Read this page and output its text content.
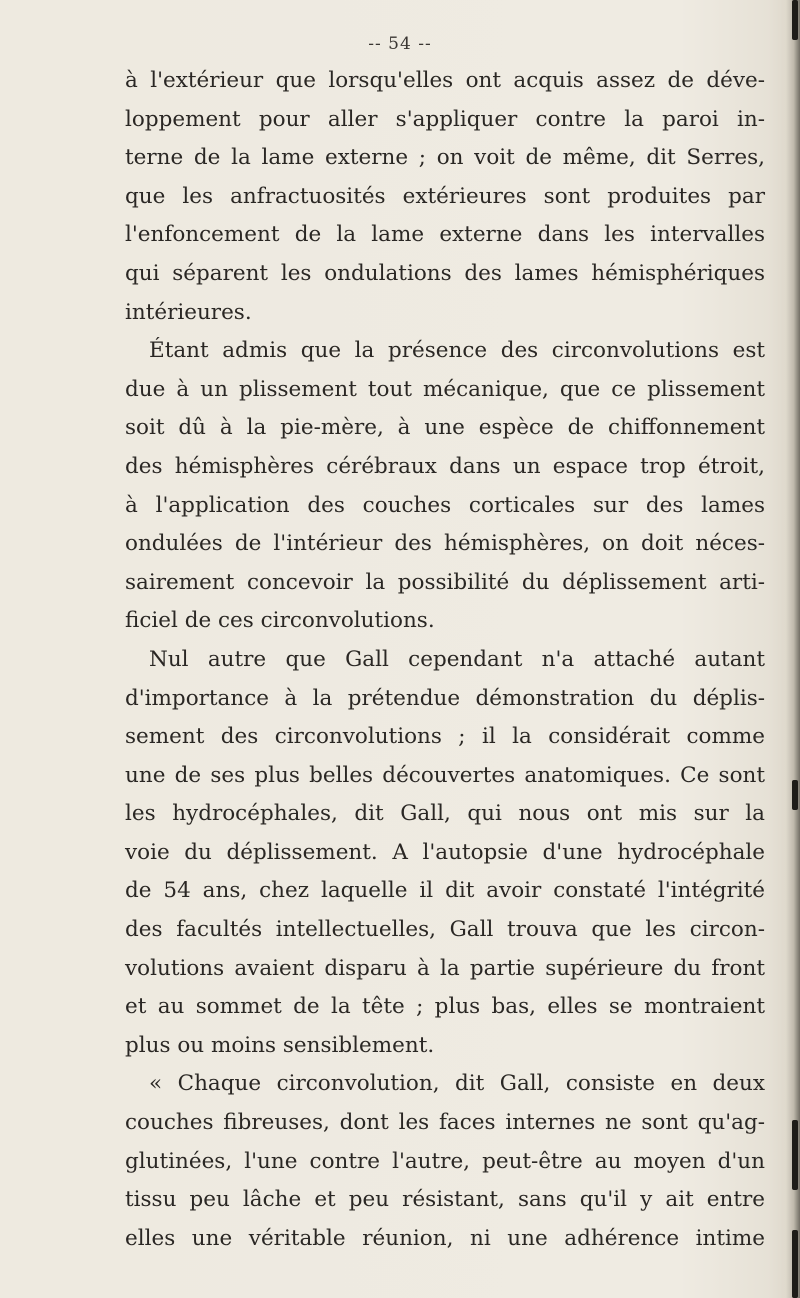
-- 54 --
à l'extérieur que lorsqu'elles ont acquis assez de déve-
loppement pour aller s'appliquer contre la paroi in-
terne de la lame externe ; on voit de même, dit Serres,
que les anfractuosités extérieures sont produites par
l'enfoncement de la lame externe dans les intervalles
qui séparent les ondulations des lames hémisphériques
intérieures.
Étant admis que la présence des circonvolutions est
due à un plissement tout mécanique, que ce plissement
soit dû à la pie-mère, à une espèce de chiffonnement
des hémisphères cérébraux dans un espace trop étroit,
à l'application des couches corticales sur des lames
ondulées de l'intérieur des hémisphères, on doit néces-
sairement concevoir la possibilité du déplissement arti-
ficiel de ces circonvolutions.
Nul autre que Gall cependant n'a attaché autant
d'importance à la prétendue démonstration du déplis-
sement des circonvolutions ; il la considérait comme
une de ses plus belles découvertes anatomiques. Ce sont
les hydrocéphales, dit Gall, qui nous ont mis sur la
voie du déplissement. A l'autopsie d'une hydrocéphale
de 54 ans, chez laquelle il dit avoir constaté l'intégrité
des facultés intellectuelles, Gall trouva que les circon-
volutions avaient disparu à la partie supérieure du front
et au sommet de la tête ; plus bas, elles se montraient
plus ou moins sensiblement.
« Chaque circonvolution, dit Gall, consiste en deux
couches fibreuses, dont les faces internes ne sont qu'ag-
glutinées, l'une contre l'autre, peut-être au moyen d'un
tissu peu lâche et peu résistant, sans qu'il y ait entre
elles une véritable réunion, ni une adhérence intime
